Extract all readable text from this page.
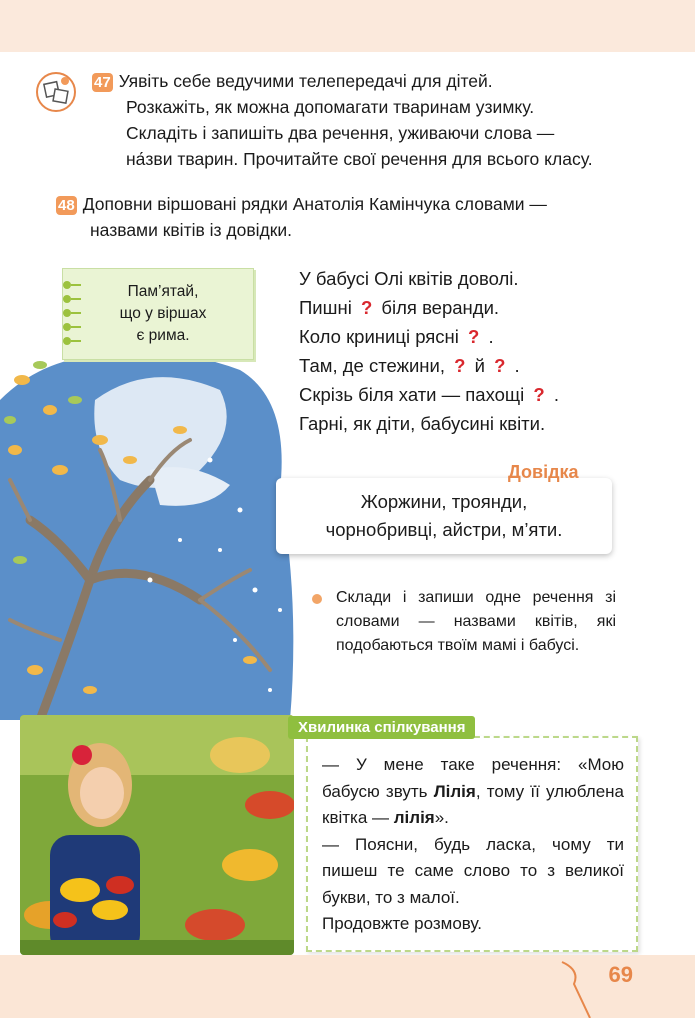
47 Уявіть себе ведучими телепередачі для дітей.
Розкажіть, як можна допомагати тваринам узимку.
Складіть і запишіть два речення, уживаючи слова —
на́зви тварин. Прочитайте свої речення для всього класу.
48 Доповни віршовані рядки Анатолія Камінчука словами —
назвами квітів із довідки.
Пам’ятай,
що у віршах
є рима.
У бабусі Олі квітів доволі.
Пишні ? біля веранди.
Коло криниці рясні ? .
Там, де стежини, ? й ? .
Скрізь біля хати — пахощі ? .
Гарні, як діти, бабусині квіти.
Жоржини, троянди,
чорнобривці, айстри, м’яти.
Довідка
Склади і запиши одне речення зі словами — назвами квітів, які подобаються твоїм мамі і бабусі.
— У мене таке речення: «Мою бабусю звуть Лілія, тому її улюблена квітка — лілія».
— Поясни, будь ласка, чому ти пишеш те саме слово то з великої букви, то з малої.
Продовжте розмову.
Хвилинка спілкування
69
